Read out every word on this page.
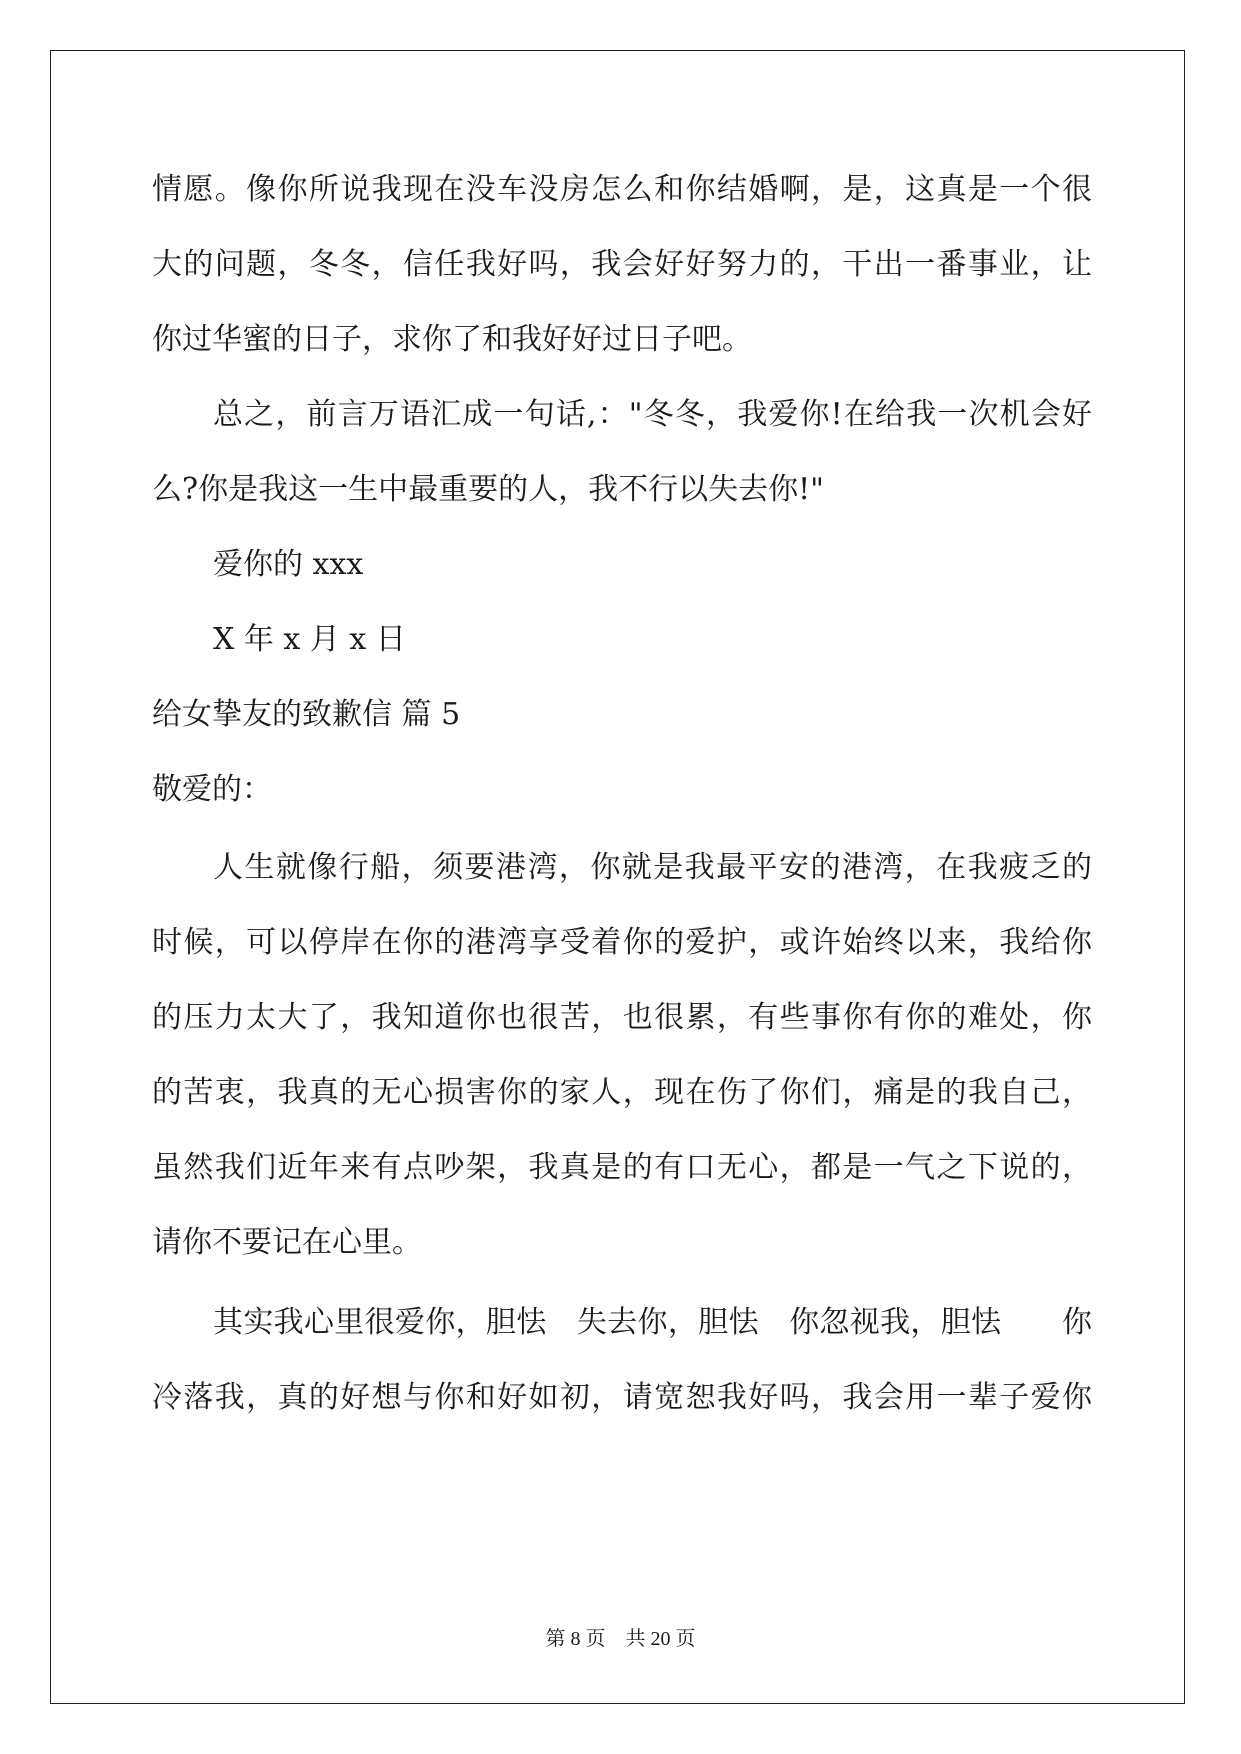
情愿。像你所说我现在没车没房怎么和你结婚啊，是，这真是一个很
大的问题，冬冬，信任我好吗，我会好好努力的，干出一番事业，让
你过华蜜的日子，求你了和我好好过日子吧。
总之，前言万语汇成一句话,："冬冬，我爱你!在给我一次机会好
么?你是我这一生中最重要的人，我不行以失去你!"
爱你的 xxx
X 年 x 月 x 日
给女挚友的致歉信 篇 5
敬爱的：
人生就像行船，须要港湾，你就是我最平安的港湾，在我疲乏的
时候，可以停岸在你的港湾享受着你的爱护，或许始终以来，我给你
的压力太大了，我知道你也很苦，也很累，有些事你有你的难处，你
的苦衷，我真的无心损害你的家人，现在伤了你们，痛是的我自己，
虽然我们近年来有点吵架，我真是的有口无心，都是一气之下说的，
请你不要记在心里。
其实我心里很爱你，胆怯　失去你，胆怯　你忽视我，胆怯　　你
冷落我，真的好想与你和好如初，请宽恕我好吗，我会用一辈子爱你
第 8 页　共 20 页
